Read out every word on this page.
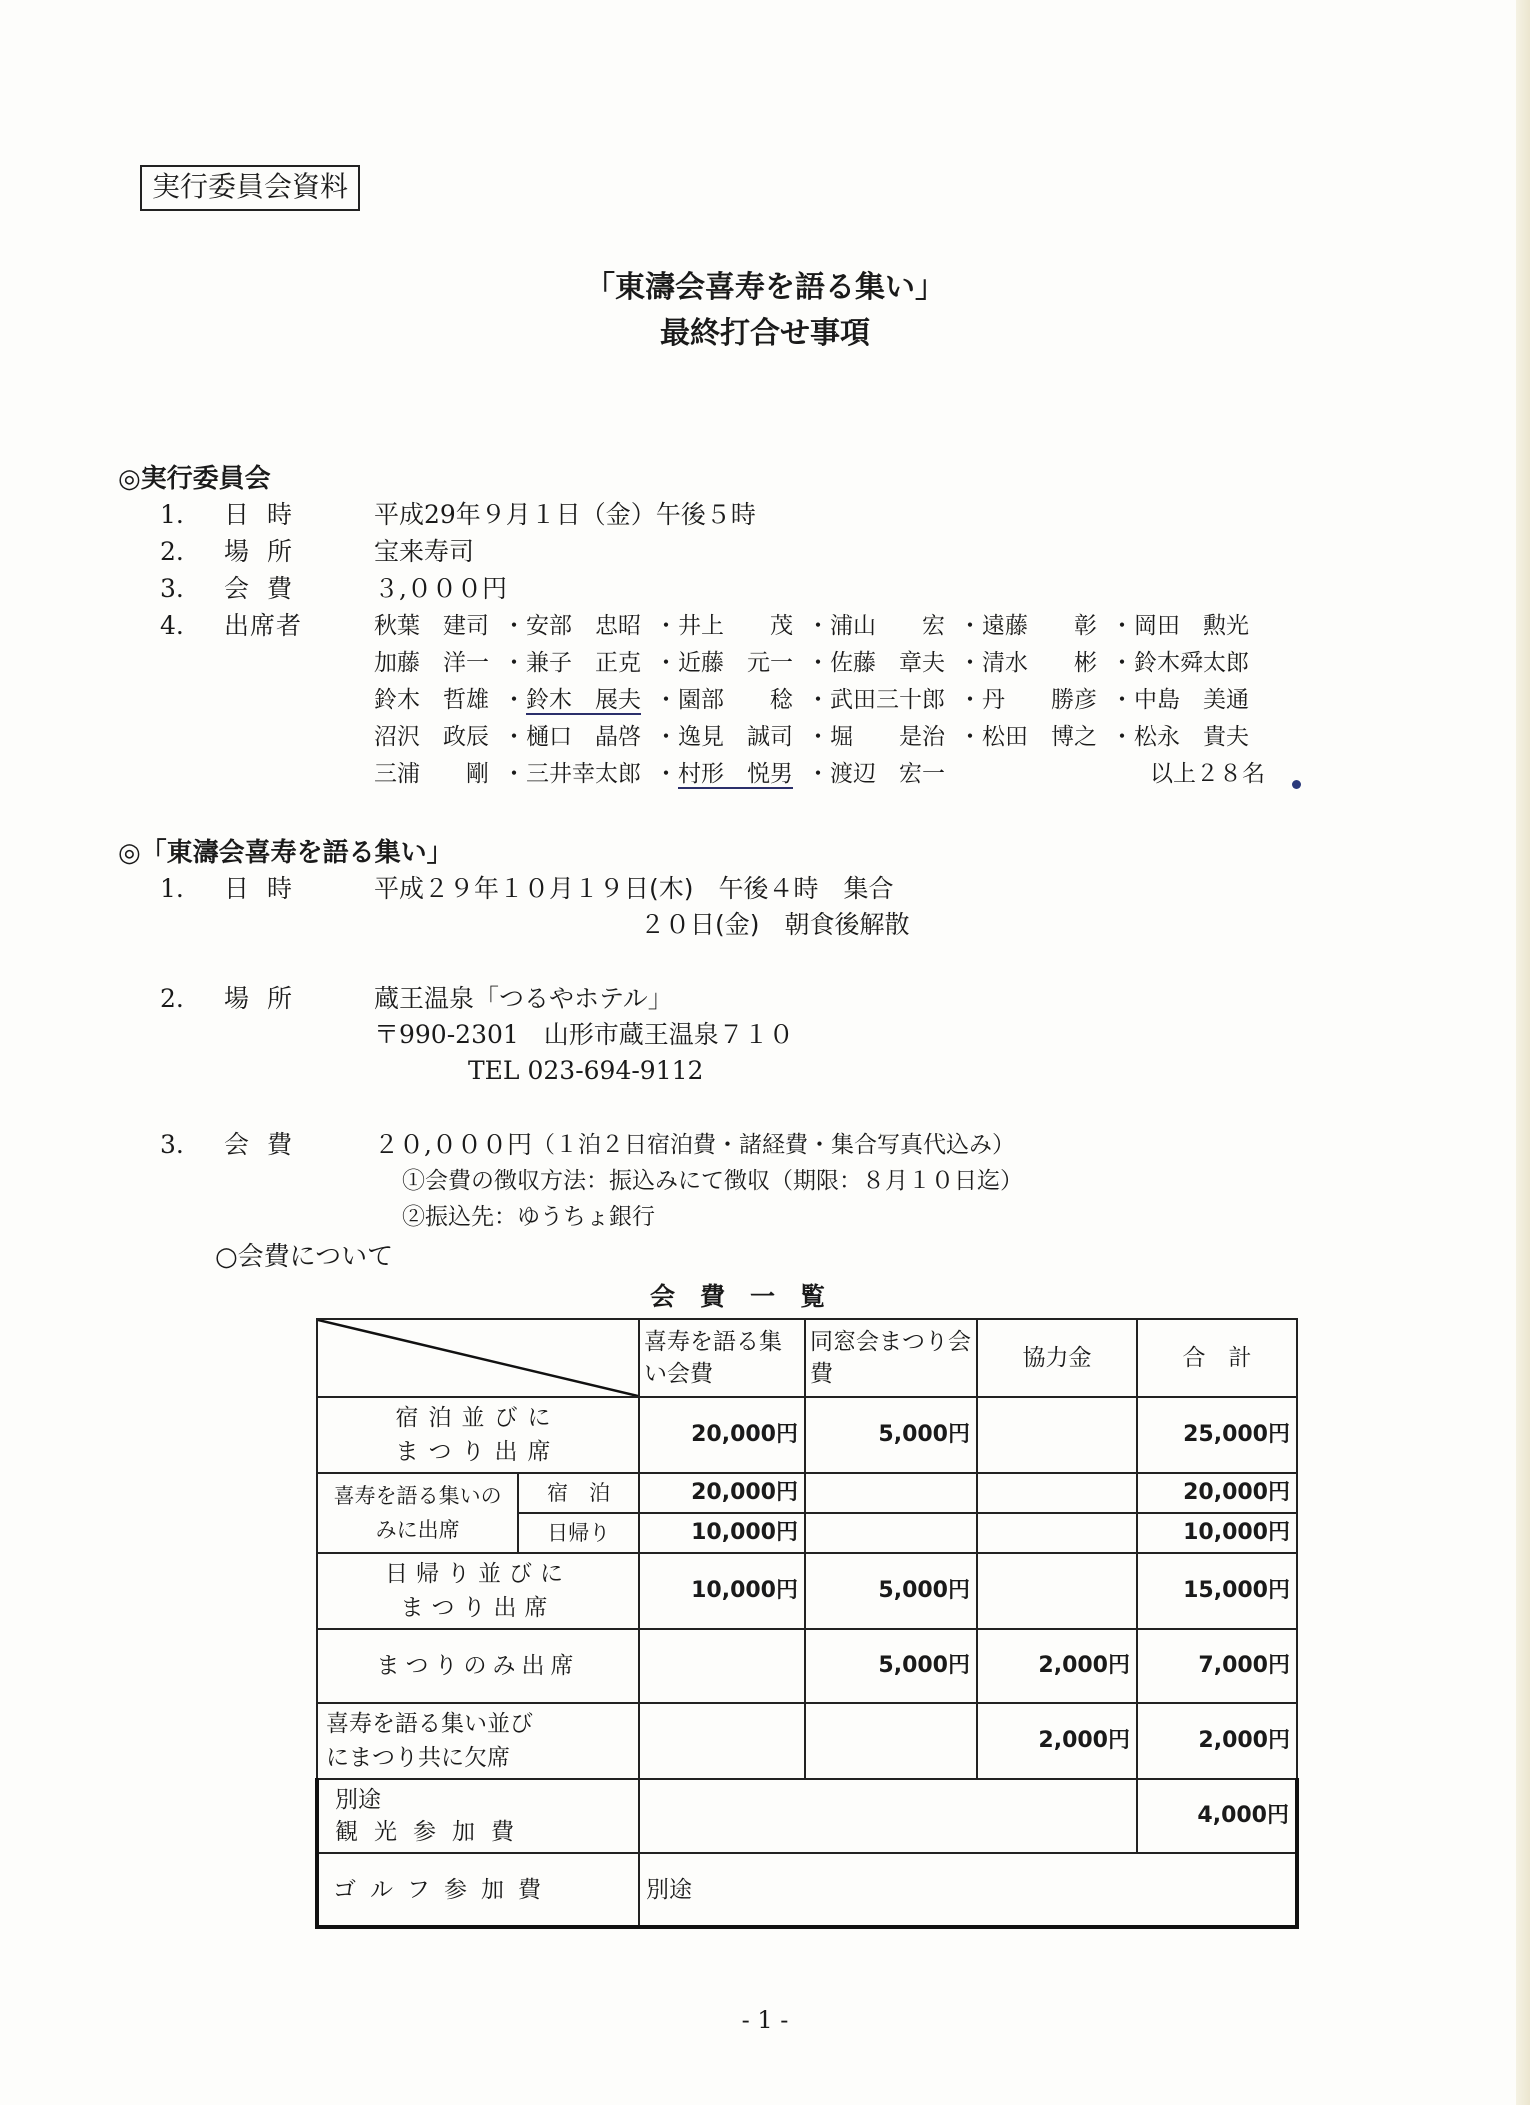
実行委員会資料
「東濤会喜寿を語る集い」
最終打合せ事項
◎実行委員会
1.	日時	平成29年９月１日（金）午後５時
2.	場所	宝来寿司
3.	会費	３,０００円
4.	出席者	秋葉　建司 ・ 安部　忠昭 ・ 井上　　茂 ・ 浦山　　宏 ・ 遠藤　　彰 ・ 岡田　勲光
加藤　洋一 ・ 兼子　正克 ・ 近藤　元一 ・ 佐藤　章夫 ・ 清水　　彬 ・ 鈴木舜太郎
鈴木　哲雄 ・ 鈴木　展夫 ・ 園部　　稔 ・ 武田三十郎 ・ 丹　　勝彦 ・ 中島　美通
沼沢　政辰 ・ 樋口　晶啓 ・ 逸見　誠司 ・ 堀　　是治 ・ 松田　博之 ・ 松永　貴夫
三浦　　剛 ・ 三井幸太郎 ・ 村形　悦男 ・ 渡辺　宏一	以上２８名
◎「東濤会喜寿を語る集い」
1.	日時	平成２９年１０月１９日(木)　午後４時　集合
２０日(金)　朝食後解散
2.	場所	蔵王温泉「つるやホテル」
〒990-2301　山形市蔵王温泉７１０
TEL 023-694-9112
3.	会費	２０,０００円 （１泊２日宿泊費・諸経費・集合写真代込み）
①会費の徴収方法：振込みにて徴収（期限：８月１０日迄）
②振込先：ゆうちょ銀行
○会費について
会　費　一　覧
	喜寿を語る集い会費	同窓会まつり会費	協力金	合　計

宿泊並びに
まつり出席		20,000円	5,000円		25,000円
喜寿を語る集いのみに出席	宿　泊	20,000円			20,000円
	日帰り	10,000円			10,000円

日帰り並びに
まつり出席		10,000円	5,000円		15,000円

まつりのみ出席			5,000円	2,000円	7,000円

喜寿を語る集い並び
にまつり共に欠席				2,000円	2,000円

別途
観光参加費					4,000円
ゴルフ参加費		別途			
- 1 -
